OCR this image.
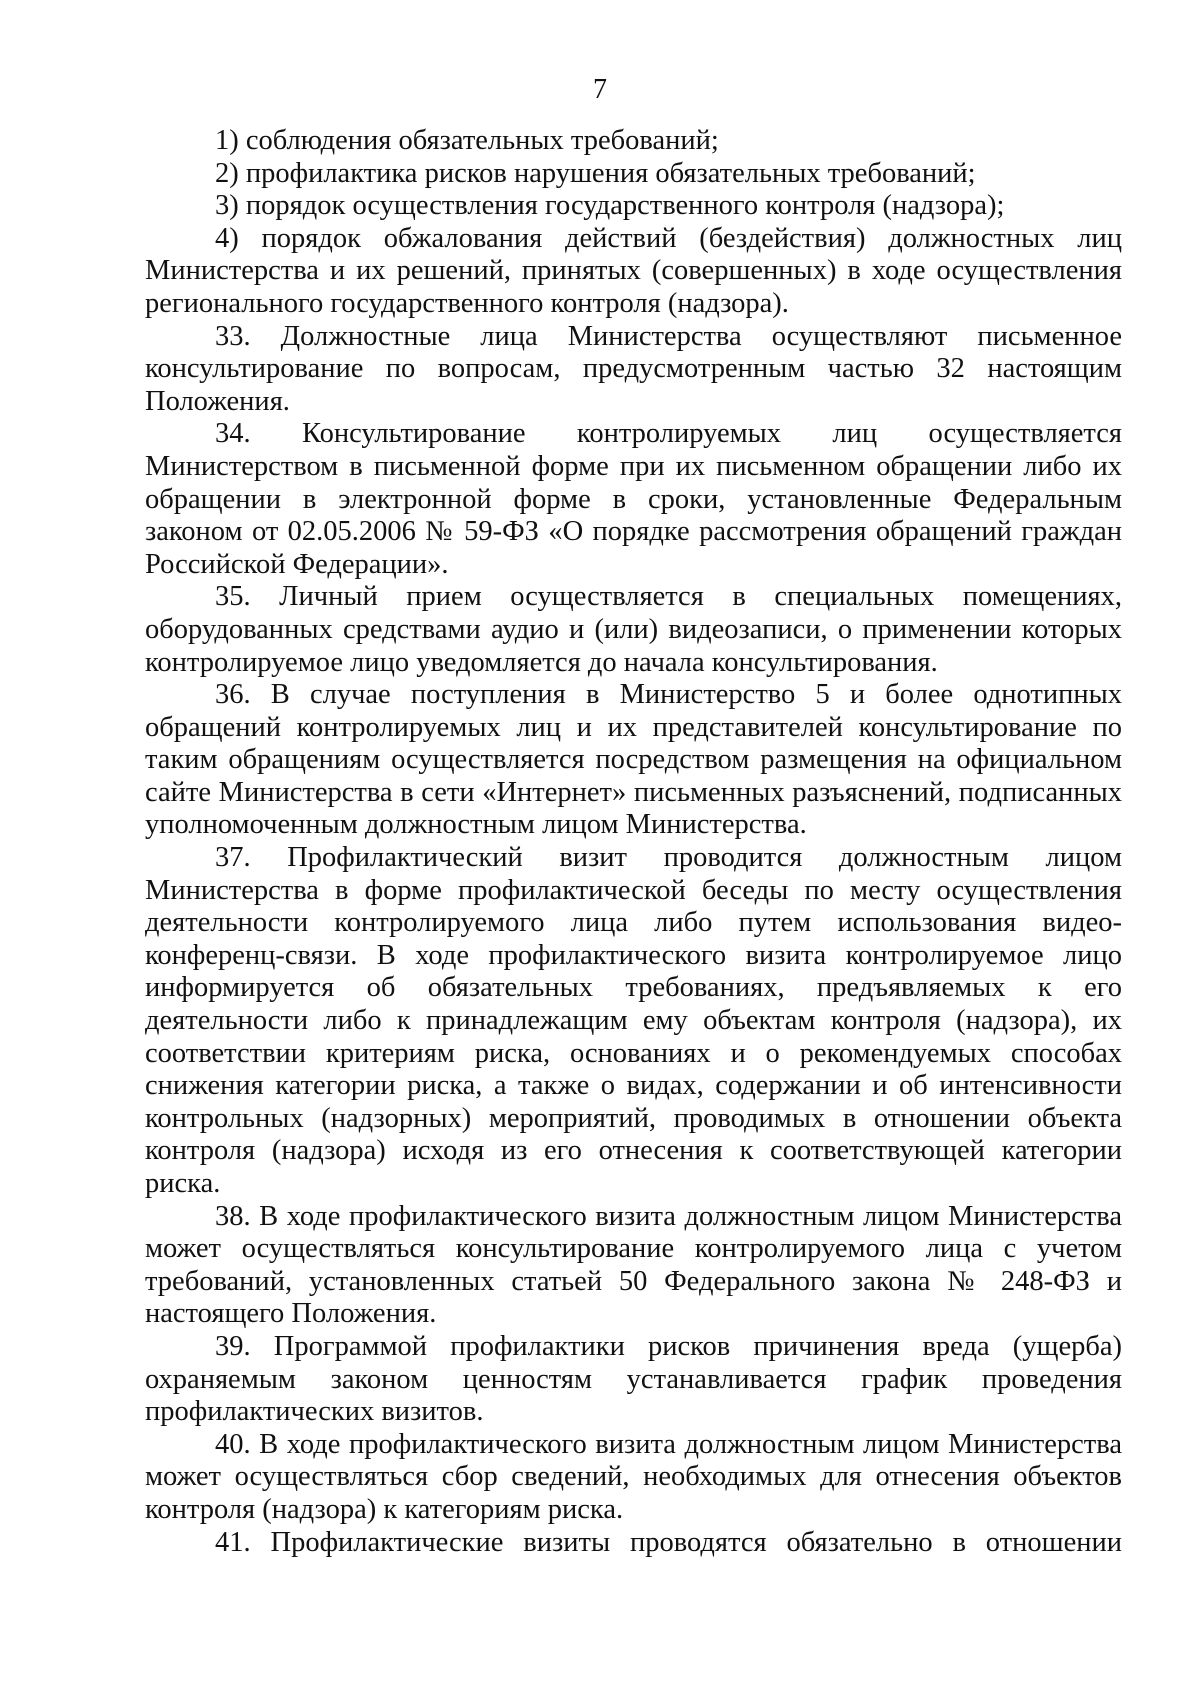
7

1) соблюдения обязательных требований;

2) профилактика рисков нарушения обязательных требований;

3) порядок осуществления государственного контроля (надзора);

4) порядок обжалования действий (бездействия) должностных лиц Министерства и их решений, принятых (совершенных) в ходе осуществления регионального государственного контроля (надзора).

33. Должностные лица Министерства осуществляют письменное консультирование по вопросам, предусмотренным частью 32 настоящим Положения.

34. Консультирование контролируемых лиц осуществляется Министерством в письменной форме при их письменном обращении либо их обращении в электронной форме в сроки, установленные Федеральным законом от 02.05.2006 № 59-ФЗ «О порядке рассмотрения обращений граждан Российской Федерации».

35. Личный прием осуществляется в специальных помещениях, оборудованных средствами аудио и (или) видеозаписи, о применении которых контролируемое лицо уведомляется до начала консультирования.

36. В случае поступления в Министерство 5 и более однотипных обращений контролируемых лиц и их представителей консультирование по таким обращениям осуществляется посредством размещения на официальном сайте Министерства в сети «Интернет» письменных разъяснений, подписанных уполномоченным должностным лицом Министерства.

37. Профилактический визит проводится должностным лицом Министерства в форме профилактической беседы по месту осуществления деятельности контролируемого лица либо путем использования видео-конференц-связи. В ходе профилактического визита контролируемое лицо информируется об обязательных требованиях, предъявляемых к его деятельности либо к принадлежащим ему объектам контроля (надзора), их соответствии критериям риска, основаниях и о рекомендуемых способах снижения категории риска, а также о видах, содержании и об интенсивности контрольных (надзорных) мероприятий, проводимых в отношении объекта контроля (надзора) исходя из его отнесения к соответствующей категории риска.

38. В ходе профилактического визита должностным лицом Министерства может осуществляться консультирование контролируемого лица с учетом требований, установленных статьей 50 Федерального закона № 248-ФЗ и настоящего Положения.

39. Программой профилактики рисков причинения вреда (ущерба) охраняемым законом ценностям устанавливается график проведения профилактических визитов.

40. В ходе профилактического визита должностным лицом Министерства может осуществляться сбор сведений, необходимых для отнесения объектов контроля (надзора) к категориям риска.

41. Профилактические визиты проводятся обязательно в отношении
